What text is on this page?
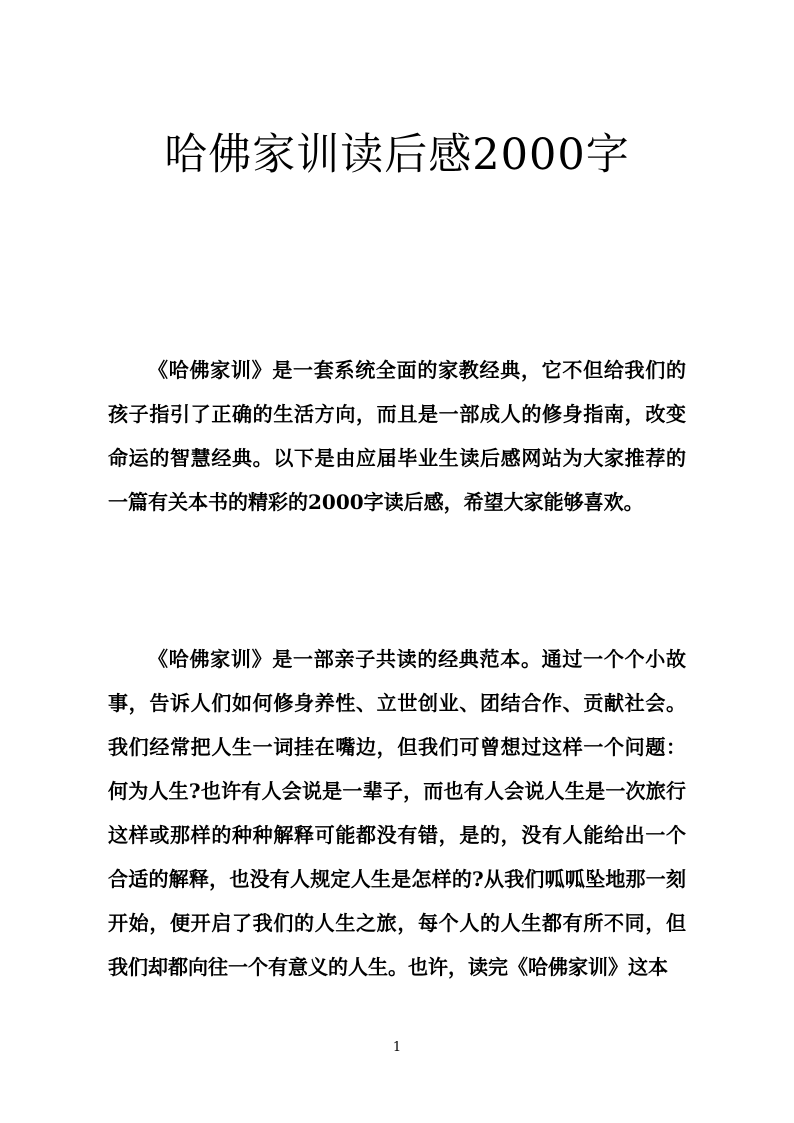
哈佛家训读后感2000字

《哈佛家训》是一套系统全面的家教经典，它不但给我们的孩子指引了正确的生活方向，而且是一部成人的修身指南，改变命运的智慧经典。以下是由应届毕业生读后感网站为大家推荐的一篇有关本书的精彩的2000字读后感，希望大家能够喜欢。

《哈佛家训》是一部亲子共读的经典范本。通过一个个小故事，告诉人们如何修身养性、立世创业、团结合作、贡献社会。我们经常把人生一词挂在嘴边，但我们可曾想过这样一个问题：何为人生?也许有人会说是一辈子，而也有人会说人生是一次旅行这样或那样的种种解释可能都没有错，是的，没有人能给出一个合适的解释，也没有人规定人生是怎样的?从我们呱呱坠地那一刻开始，便开启了我们的人生之旅，每个人的人生都有所不同，但我们却都向往一个有意义的人生。也许，读完《哈佛家训》这本

1
